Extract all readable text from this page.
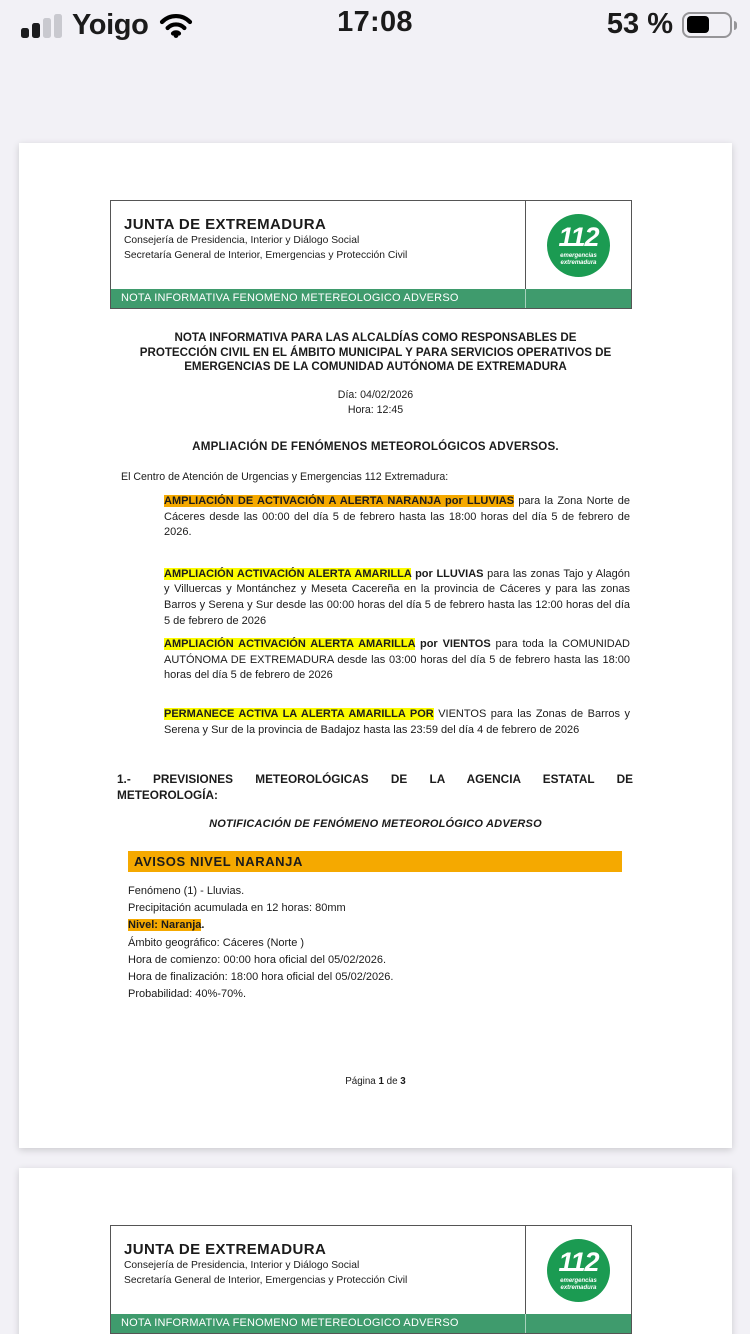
Yoigo	17:08	53 %
JUNTA DE EXTREMADURA
Consejería de Presidencia, Interior y Diálogo Social
Secretaría General de Interior, Emergencias y Protección Civil
112
emergencias
extremadura
NOTA INFORMATIVA FENOMENO METEREOLOGICO ADVERSO
NOTA INFORMATIVA PARA LAS ALCALDÍAS COMO RESPONSABLES DE
PROTECCIÓN CIVIL EN EL ÁMBITO MUNICIPAL Y PARA SERVICIOS OPERATIVOS DE
EMERGENCIAS DE LA COMUNIDAD AUTÓNOMA DE EXTREMADURA
Día: 04/02/2026
Hora: 12:45
AMPLIACIÓN DE FENÓMENOS METEOROLÓGICOS ADVERSOS.
El Centro de Atención de Urgencias y Emergencias 112 Extremadura:
AMPLIACIÓN DE ACTIVACIÓN A ALERTA NARANJA por LLUVIAS para la Zona Norte de Cáceres desde las 00:00 del día 5 de febrero hasta las 18:00 horas del día 5 de febrero de 2026.
AMPLIACIÓN ACTIVACIÓN ALERTA AMARILLA por LLUVIAS para las zonas Tajo y Alagón y Villuercas y Montánchez y Meseta Cacereña en la provincia de Cáceres y para las zonas Barros y Serena y Sur desde las 00:00 horas del día 5 de febrero hasta las 12:00 horas del día 5 de febrero de 2026
AMPLIACIÓN ACTIVACIÓN ALERTA AMARILLA por VIENTOS para toda la COMUNIDAD AUTÓNOMA DE EXTREMADURA desde las 03:00 horas del día 5 de febrero hasta las 18:00 horas del día 5 de febrero de 2026
PERMANECE ACTIVA LA ALERTA AMARILLA POR VIENTOS para las Zonas de Barros y Serena y Sur de la provincia de Badajoz hasta las 23:59 del día 4 de febrero de 2026
1.- PREVISIONES METEOROLÓGICAS DE LA AGENCIA ESTATAL DE
METEOROLOGÍA:
NOTIFICACIÓN DE FENÓMENO METEOROLÓGICO ADVERSO
AVISOS NIVEL NARANJA
Fenómeno (1) - Lluvias.
Precipitación acumulada en 12 horas: 80mm
Nivel: Naranja.
Ámbito geográfico: Cáceres (Norte )
Hora de comienzo: 00:00 hora oficial del 05/02/2026.
Hora de finalización: 18:00 hora oficial del 05/02/2026.
Probabilidad: 40%-70%.
Página 1 de 3
JUNTA DE EXTREMADURA
Consejería de Presidencia, Interior y Diálogo Social
Secretaría General de Interior, Emergencias y Protección Civil
112
emergencias
extremadura
NOTA INFORMATIVA FENOMENO METEREOLOGICO ADVERSO
